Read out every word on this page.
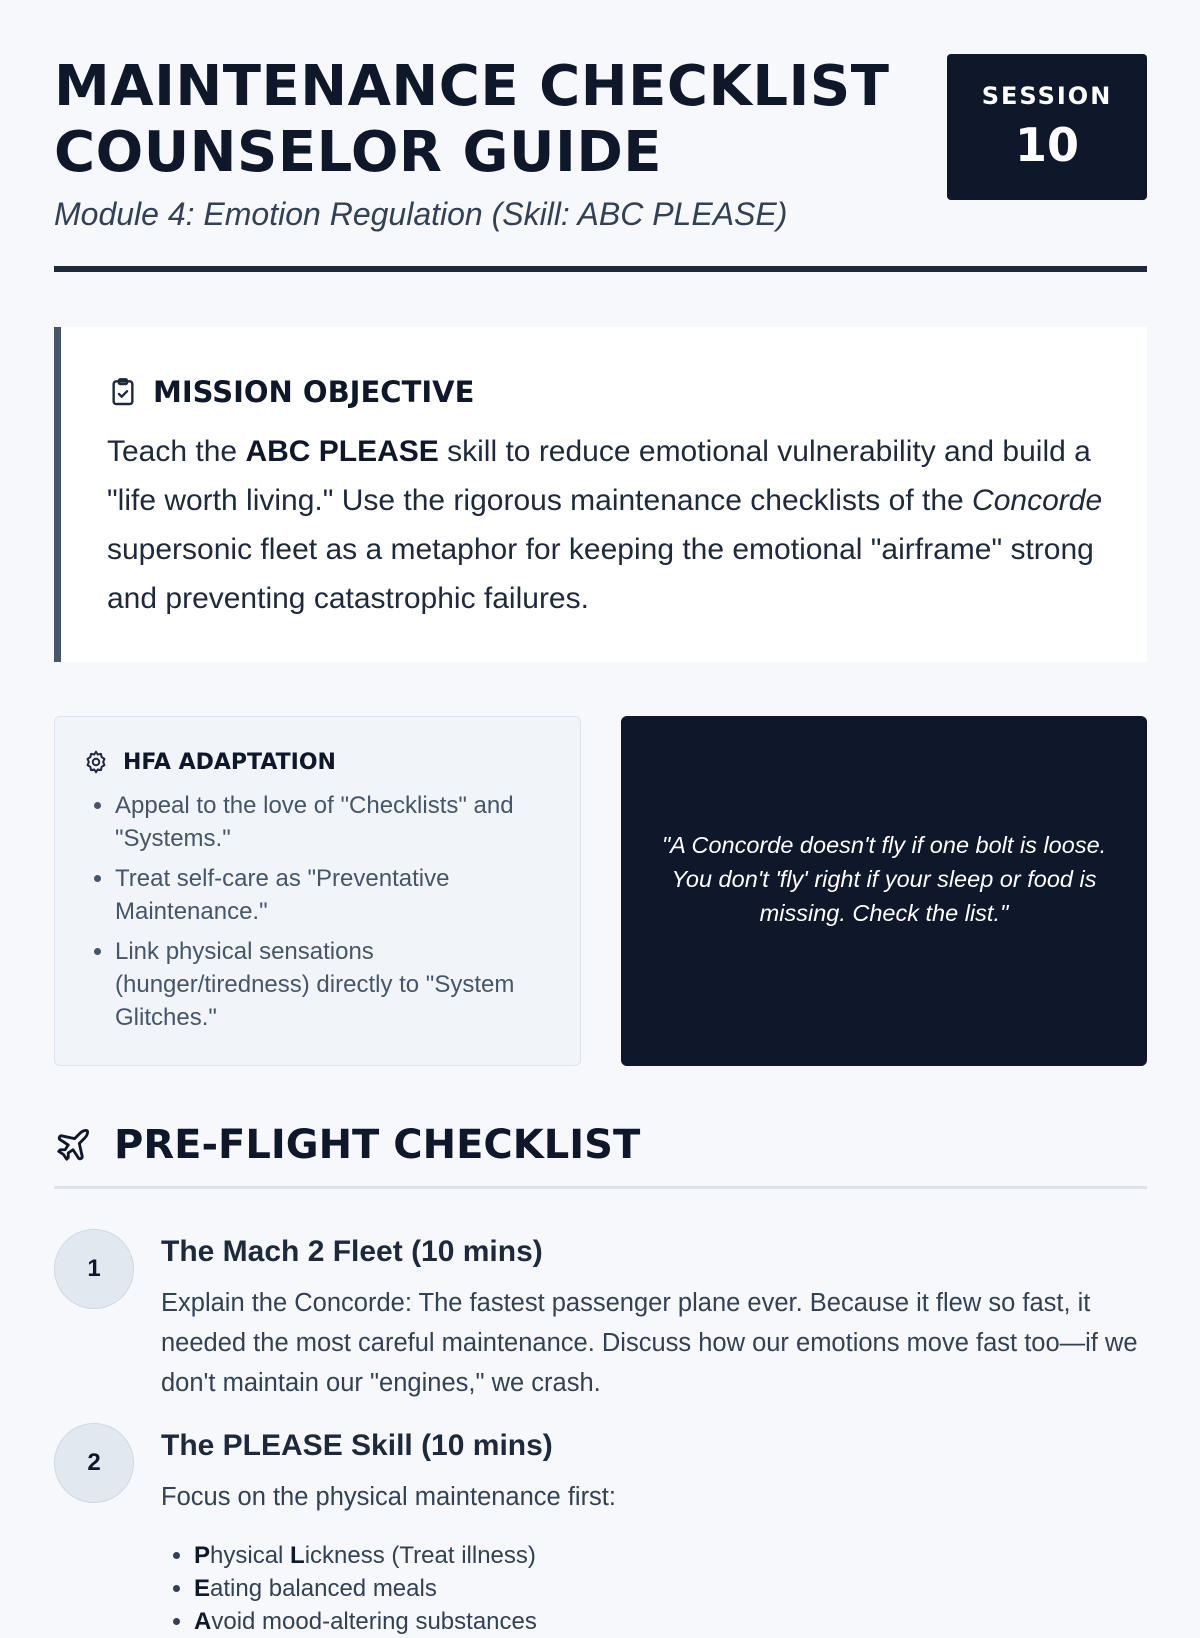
MAINTENANCE CHECKLIST COUNSELOR GUIDE
Module 4: Emotion Regulation (Skill: ABC PLEASE)
SESSION
10
MISSION OBJECTIVE

Teach the ABC PLEASE skill to reduce emotional vulnerability and build a "life worth living." Use the rigorous maintenance checklists of the Concorde supersonic fleet as a metaphor for keeping the emotional "airframe" strong and preventing catastrophic failures.

HFA ADAPTATION
• Appeal to the love of "Checklists" and "Systems."
• Treat self-care as "Preventative Maintenance."
• Link physical sensations (hunger/tiredness) directly to "System Glitches."

"A Concorde doesn't fly if one bolt is loose. You don't 'fly' right if your sleep or food is missing. Check the list."

PRE-FLIGHT CHECKLIST
1
The Mach 2 Fleet (10 mins)

Explain the Concorde: The fastest passenger plane ever. Because it flew so fast, it needed the most careful maintenance. Discuss how our emotions move fast too—if we don't maintain our "engines," we crash.

2
The PLEASE Skill (10 mins)

Focus on the physical maintenance first:

• Physical Lickness (Treat illness)
• Eating balanced meals
• Avoid mood-altering substances
